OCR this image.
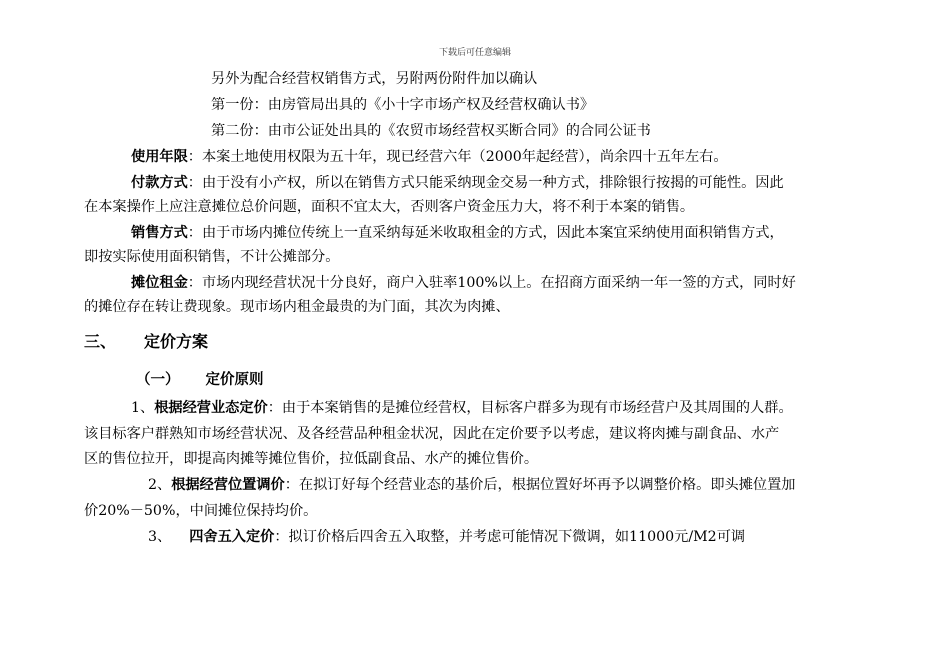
下载后可任意编辑
另外为配合经营权销售方式，另附两份附件加以确认
第一份：由房管局出具的《小十字市场产权及经营权确认书》
第二份：由市公证处出具的《农贸市场经营权买断合同》的合同公证书
使用年限：本案土地使用权限为五十年，现已经营六年（2000年起经营），尚余四十五年左右。
付款方式：由于没有小产权，所以在销售方式只能采纳现金交易一种方式，排除银行按揭的可能性。因此
在本案操作上应注意摊位总价问题，面积不宜太大，否则客户资金压力大，将不利于本案的销售。
销售方式：由于市场内摊位传统上一直采纳每延米收取租金的方式，因此本案宜采纳使用面积销售方式，
即按实际使用面积销售，不计公摊部分。
摊位租金：市场内现经营状况十分良好，商户入驻率100%以上。在招商方面采纳一年一签的方式，同时好
的摊位存在转让费现象。现市场内租金最贵的为门面，其次为肉摊、
三、 定价方案
（一） 定价原则
1、根据经营业态定价：由于本案销售的是摊位经营权，目标客户群多为现有市场经营户及其周围的人群。
该目标客户群熟知市场经营状况、及各经营品种租金状况，因此在定价要予以考虑，建议将肉摊与副食品、水产
区的售位拉开，即提高肉摊等摊位售价，拉低副食品、水产的摊位售价。
2、根据经营位置调价：在拟订好每个经营业态的基价后，根据位置好坏再予以调整价格。即头摊位置加
价20%－50%，中间摊位保持均价。
3、 四舍五入定价：拟订价格后四舍五入取整，并考虑可能情况下微调，如11000元/M2可调
